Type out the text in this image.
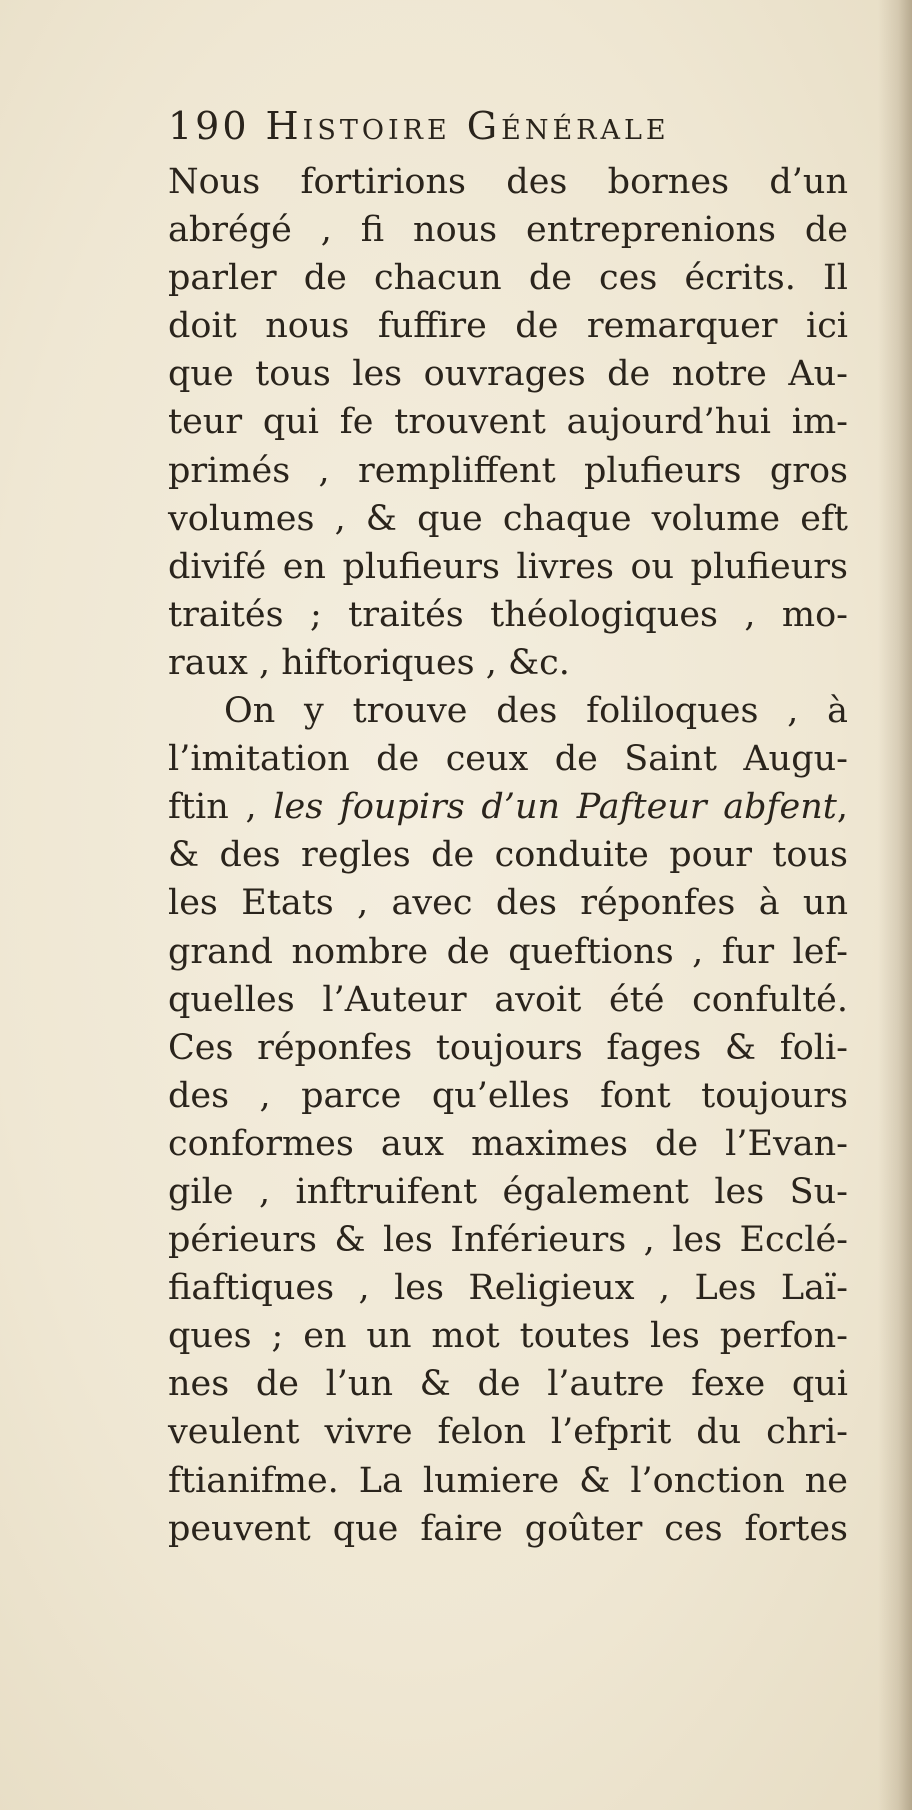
190 Histoire Générale
Nous fortirions des bornes d’un
abrégé , fi nous entreprenions de
parler de chacun de ces écrits. Il
doit nous fuffire de remarquer ici
que tous les ouvrages de notre Au-
teur qui fe trouvent aujourd’hui im-
primés , rempliffent plufieurs gros
volumes , & que chaque volume eft
divifé en plufieurs livres ou plufieurs
traités ; traités théologiques , mo-
raux , hiftoriques , &c.
On y trouve des foliloques , à
l’imitation de ceux de Saint Augu-
ftin , les foupirs d’un Pafteur abfent,
& des regles de conduite pour tous
les Etats , avec des réponfes à un
grand nombre de queftions , fur lef-
quelles l’Auteur avoit été confulté.
Ces réponfes toujours fages & foli-
des , parce qu’elles font toujours
conformes aux maximes de l’Evan-
gile , inftruifent également les Su-
périeurs & les Inférieurs , les Ecclé-
fiaftiques , les Religieux , Les Laï-
ques ; en un mot toutes les perfon-
nes de l’un & de l’autre fexe qui
veulent vivre felon l’efprit du chri-
ftianifme. La lumiere & l’onction ne
peuvent que faire goûter ces fortes
